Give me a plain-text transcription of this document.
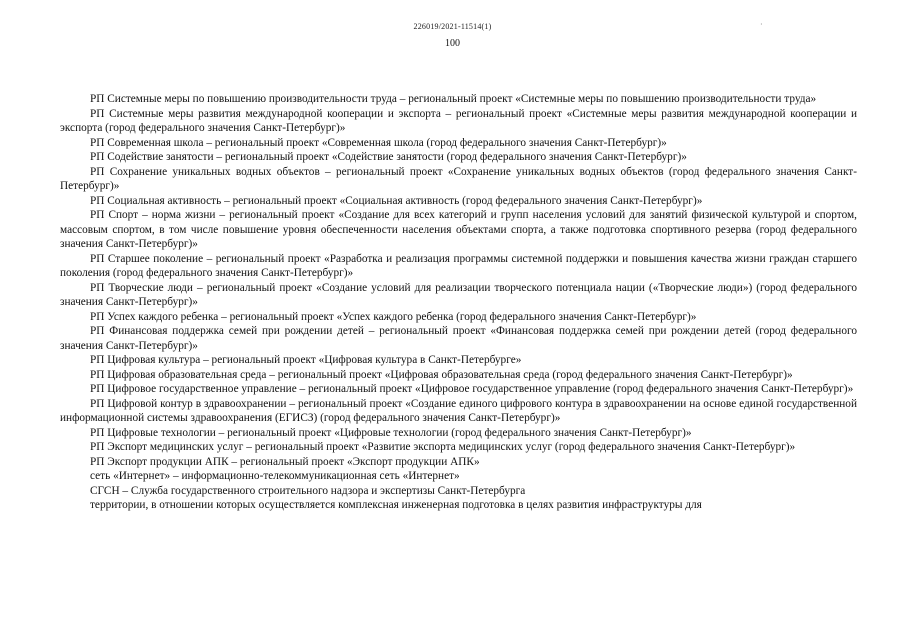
226019/2021-11514(1)	·
100

РП Системные меры по повышению производительности труда – региональный проект «Системные меры по повышению производительности труда»

РП Системные меры развития международной кооперации и экспорта – региональный проект «Системные меры развития международной кооперации и экспорта (город федерального значения Санкт-Петербург)»

РП Современная школа – региональный проект «Современная школа (город федерального значения Санкт-Петербург)»

РП Содействие занятости – региональный проект «Содействие занятости (город федерального значения Санкт-Петербург)»

РП Сохранение уникальных водных объектов – региональный проект «Сохранение уникальных водных объектов (город федерального значения Санкт-Петербург)»

РП Социальная активность – региональный проект «Социальная активность (город федерального значения Санкт-Петербург)»

РП Спорт – норма жизни – региональный проект «Создание для всех категорий и групп населения условий для занятий физической культурой и спортом, массовым спортом, в том числе повышение уровня обеспеченности населения объектами спорта, а также подготовка спортивного резерва (город федерального значения Санкт-Петербург)»

РП Старшее поколение – региональный проект «Разработка и реализация программы системной поддержки и повышения качества жизни граждан старшего поколения (город федерального значения Санкт-Петербург)»

РП Творческие люди – региональный проект «Создание условий для реализации творческого потенциала нации («Творческие люди») (город федерального значения Санкт-Петербург)»

РП Успех каждого ребенка – региональный проект «Успех каждого ребенка (город федерального значения Санкт-Петербург)»

РП Финансовая поддержка семей при рождении детей – региональный проект «Финансовая поддержка семей при рождении детей (город федерального значения Санкт-Петербург)»

РП Цифровая культура – региональный проект «Цифровая культура в Санкт-Петербурге»

РП Цифровая образовательная среда – региональный проект «Цифровая образовательная среда (город федерального значения Санкт-Петербург)»

РП Цифровое государственное управление – региональный проект «Цифровое государственное управление (город федерального значения Санкт-Петербург)»

РП Цифровой контур в здравоохранении – региональный проект «Создание единого цифрового контура в здравоохранении на основе единой государственной информационной системы здравоохранения (ЕГИСЗ) (город федерального значения Санкт-Петербург)»

РП Цифровые технологии – региональный проект «Цифровые технологии (город федерального значения Санкт-Петербург)»

РП Экспорт медицинских услуг – региональный проект «Развитие экспорта медицинских услуг (город федерального значения Санкт-Петербург)»

РП Экспорт продукции АПК – региональный проект «Экспорт продукции АПК»

сеть «Интернет» – информационно-телекоммуникационная сеть «Интернет»

СГСН – Служба государственного строительного надзора и экспертизы Санкт-Петербурга

территории, в отношении которых осуществляется комплексная инженерная подготовка в целях развития инфраструктуры для
